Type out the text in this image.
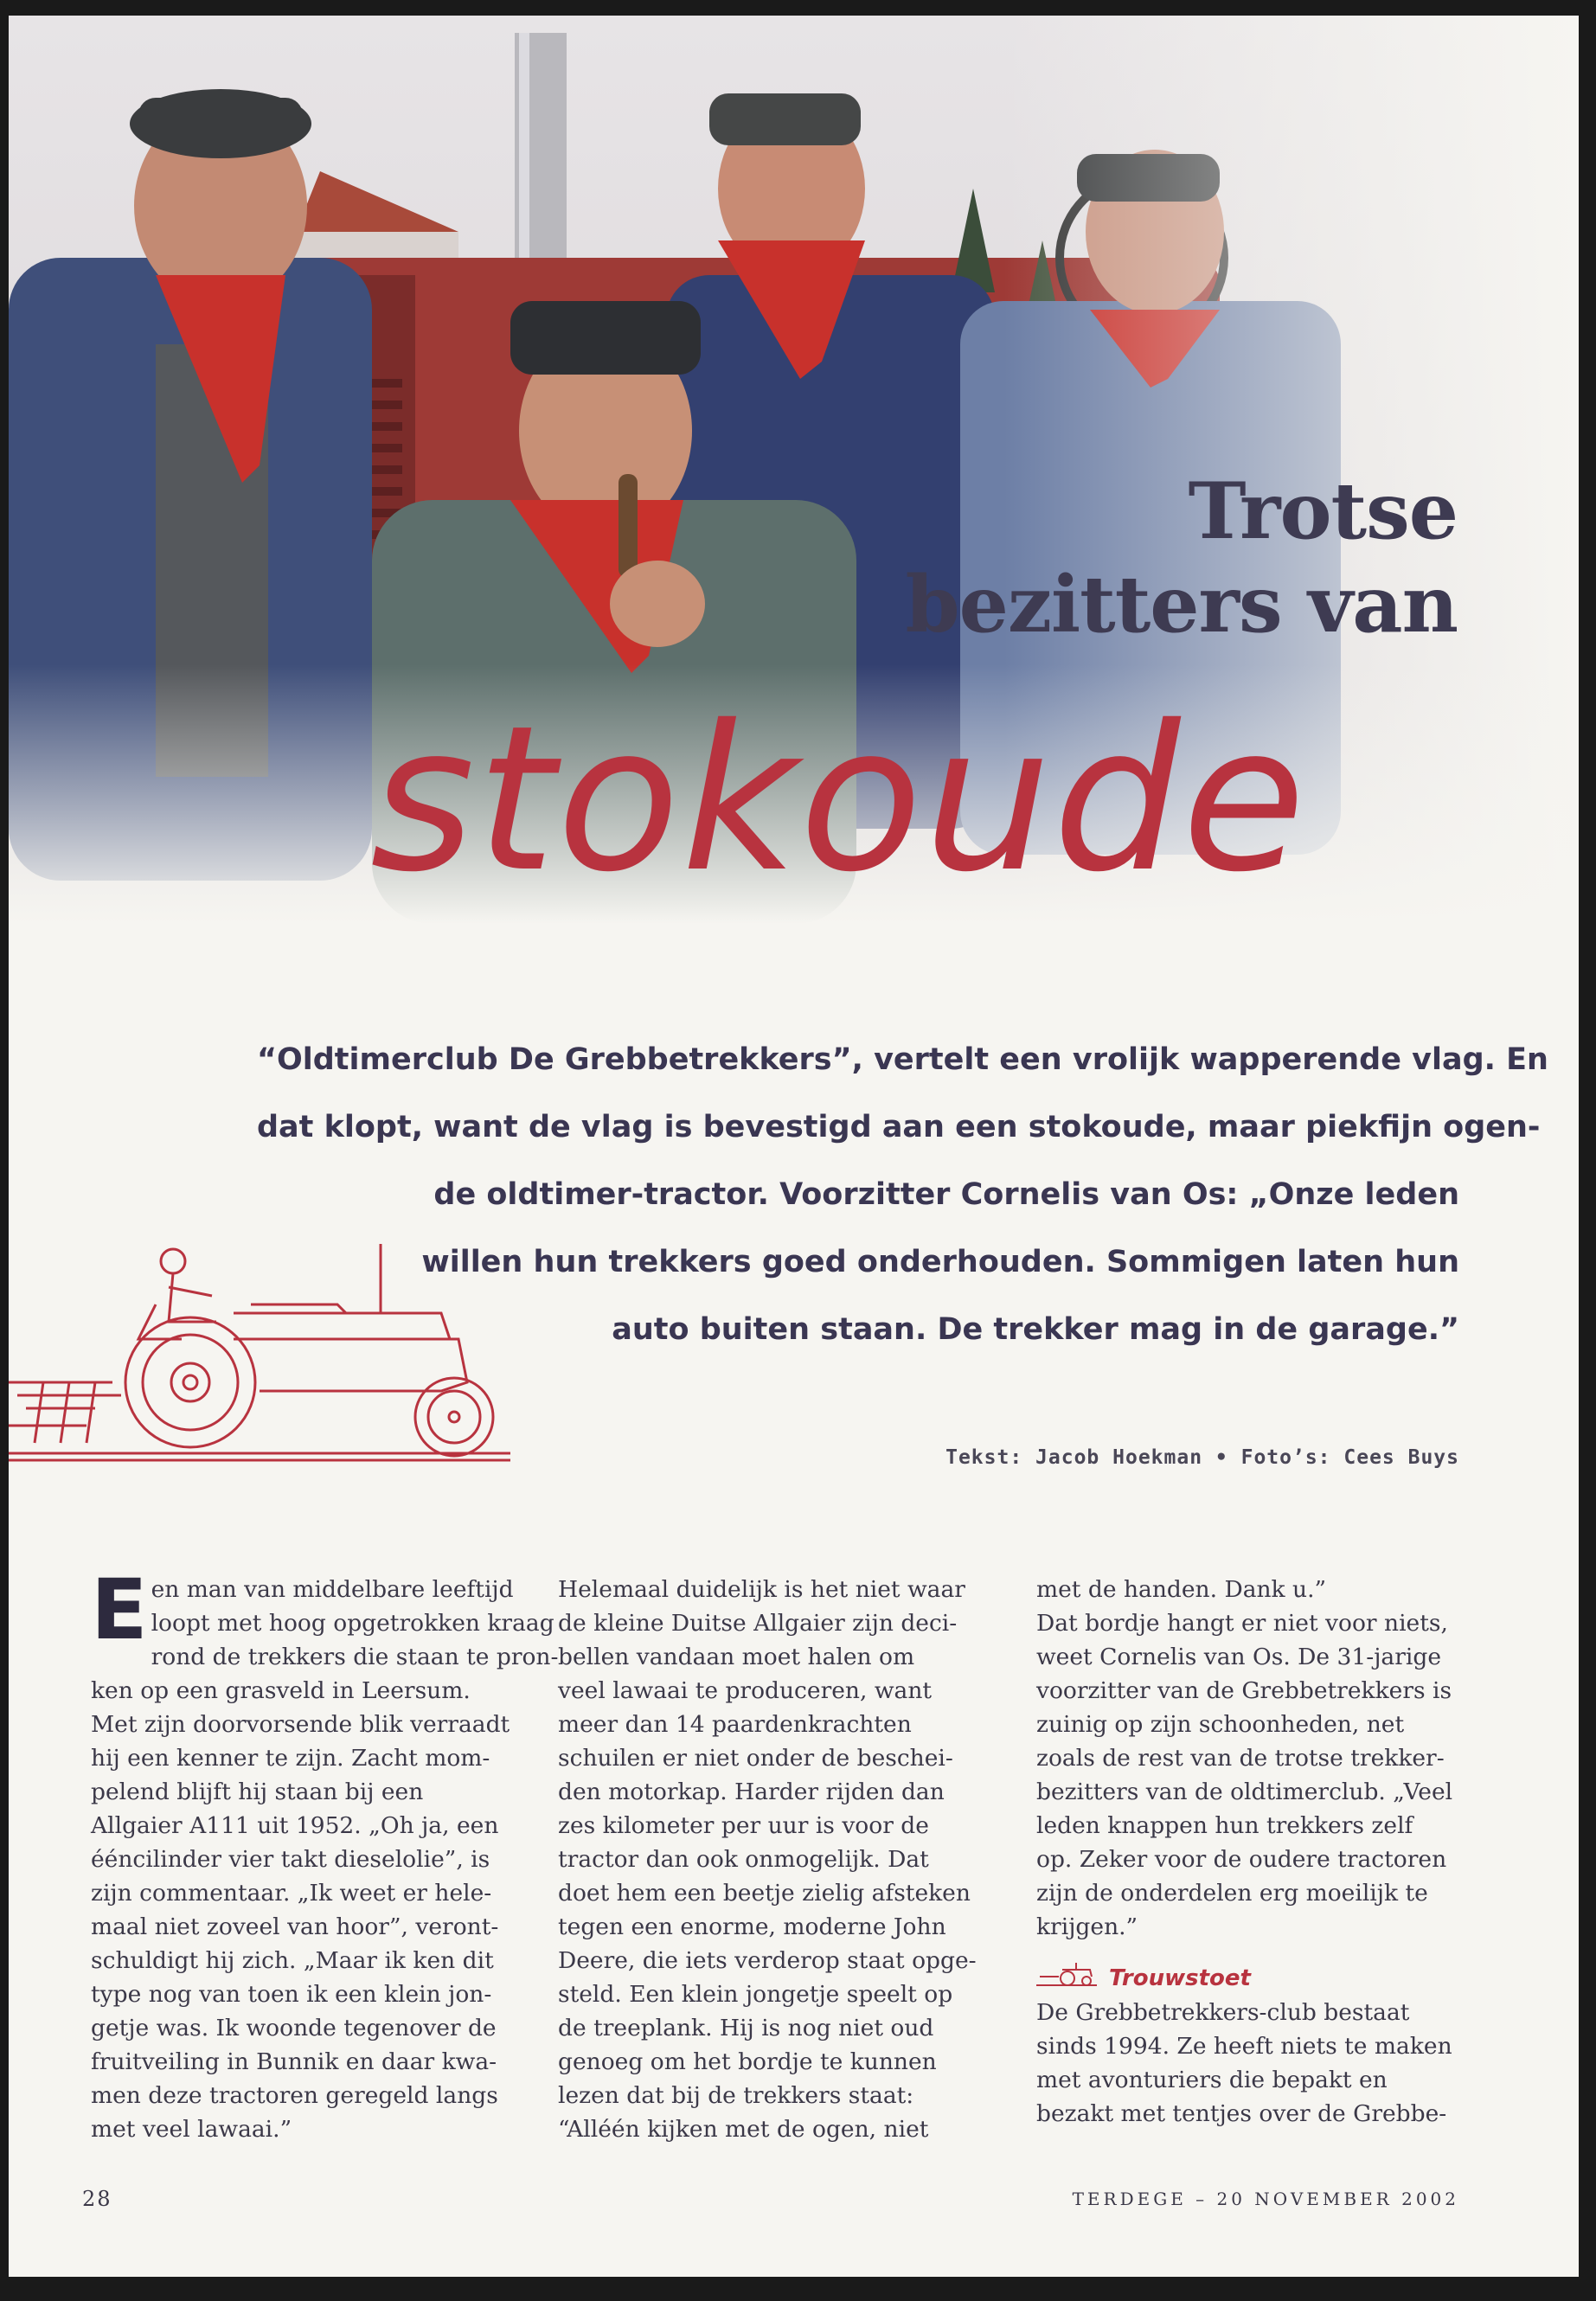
Trotse
bezitters van
stokoude
“Oldtimerclub De Grebbetrekkers”, vertelt een vrolijk wapperende vlag. En
dat klopt, want de vlag is bevestigd aan een stokoude, maar piekfijn ogen-
de oldtimer-tractor. Voorzitter Cornelis van Os: „Onze leden
willen hun trekkers goed onderhouden. Sommigen laten hun
auto buiten staan. De trekker mag in de garage.”
Tekst: Jacob Hoekman • Foto’s: Cees Buys
E en man van middelbare leeftijd
loopt met hoog opgetrokken kraag
rond de trekkers die staan te pron-
ken op een grasveld in Leersum.
Met zijn doorvorsende blik verraadt
hij een kenner te zijn. Zacht mom-
pelend blijft hij staan bij een
Allgaier A111 uit 1952. „Oh ja, een
ééncilinder vier takt dieselolie”, is
zijn commentaar. „Ik weet er hele-
maal niet zoveel van hoor”, veront-
schuldigt hij zich. „Maar ik ken dit
type nog van toen ik een klein jon-
getje was. Ik woonde tegenover de
fruitveiling in Bunnik en daar kwa-
men deze tractoren geregeld langs
met veel lawaai.”
Helemaal duidelijk is het niet waar
de kleine Duitse Allgaier zijn deci-
bellen vandaan moet halen om
veel lawaai te produceren, want
meer dan 14 paardenkrachten
schuilen er niet onder de beschei-
den motorkap. Harder rijden dan
zes kilometer per uur is voor de
tractor dan ook onmogelijk. Dat
doet hem een beetje zielig afsteken
tegen een enorme, moderne John
Deere, die iets verderop staat opge-
steld. Een klein jongetje speelt op
de treeplank. Hij is nog niet oud
genoeg om het bordje te kunnen
lezen dat bij de trekkers staat:
“Alléén kijken met de ogen, niet
met de handen. Dank u.”
Dat bordje hangt er niet voor niets,
weet Cornelis van Os. De 31-jarige
voorzitter van de Grebbetrekkers is
zuinig op zijn schoonheden, net
zoals de rest van de trotse trekker-
bezitters van de oldtimerclub. „Veel
leden knappen hun trekkers zelf
op. Zeker voor de oudere tractoren
zijn de onderdelen erg moeilijk te
krijgen.”
Trouwstoet
De Grebbetrekkers-club bestaat
sinds 1994. Ze heeft niets te maken
met avonturiers die bepakt en
bezakt met tentjes over de Grebbe-
28	TERDEGE – 20 NOVEMBER 2002
